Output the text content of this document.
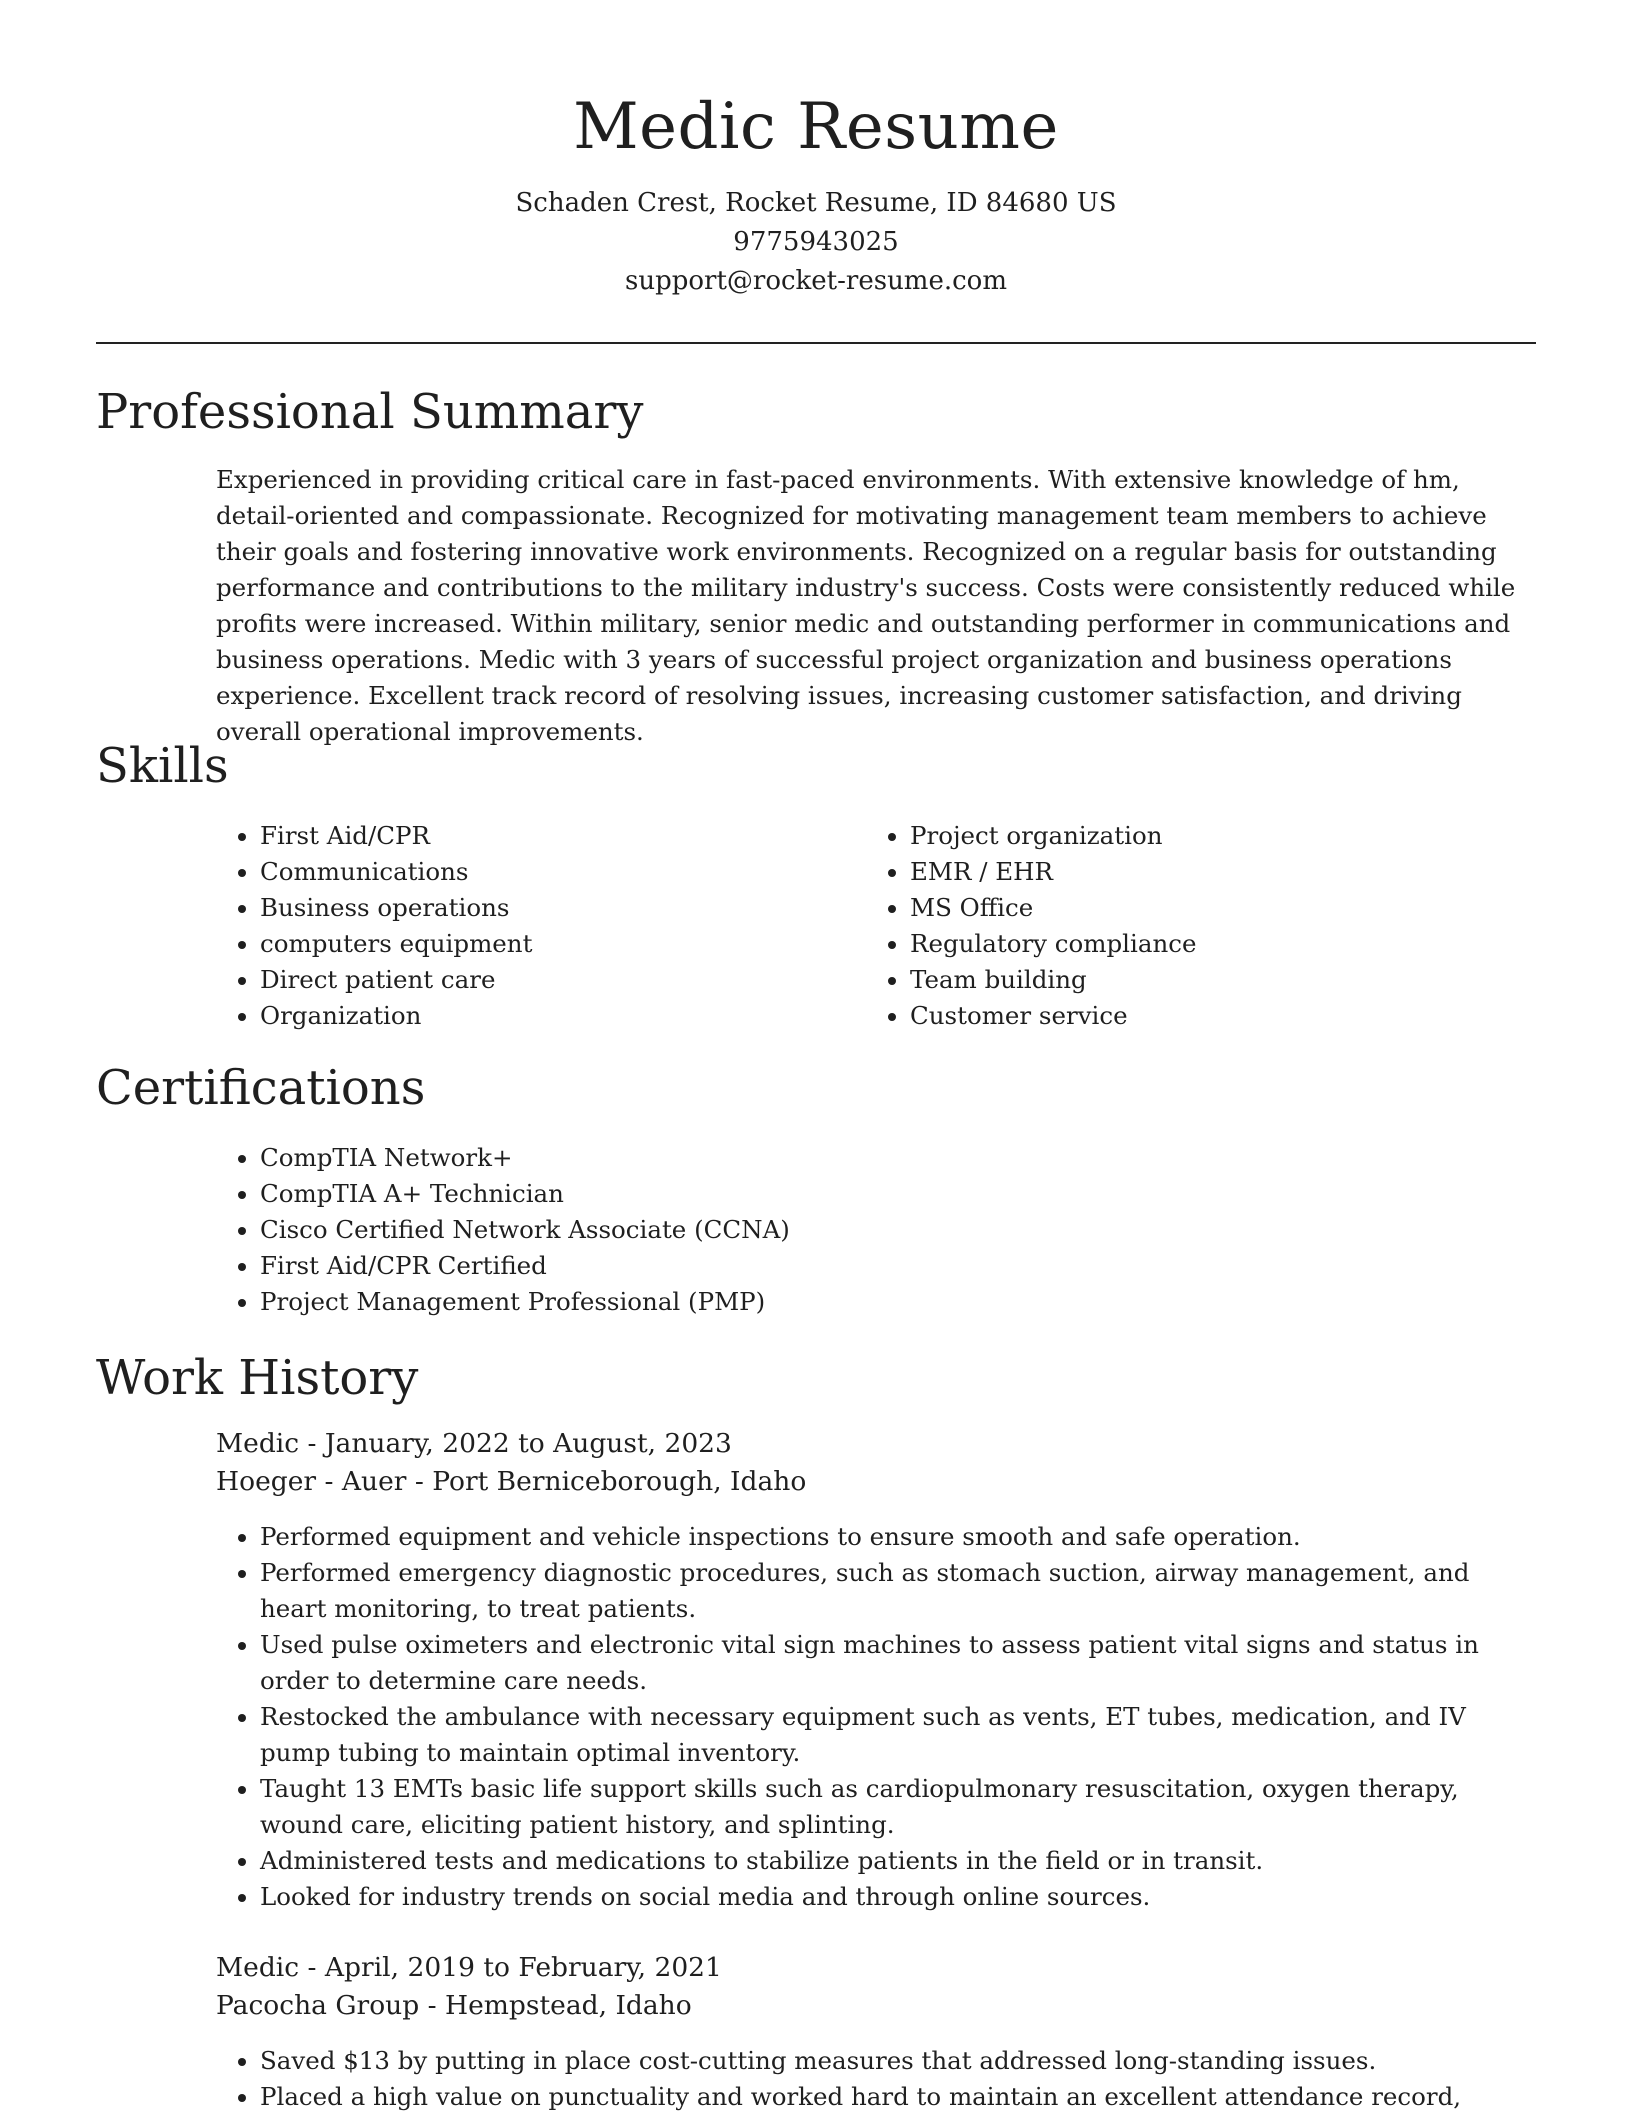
Medic Resume
Schaden Crest, Rocket Resume, ID 84680 US
9775943025
support@rocket-resume.com
Professional Summary

Experienced in providing critical care in fast-paced environments. With extensive knowledge of hm, detail-oriented and compassionate. Recognized for motivating management team members to achieve their goals and fostering innovative work environments. Recognized on a regular basis for outstanding performance and contributions to the military industry's success. Costs were consistently reduced while profits were increased. Within military, senior medic and outstanding performer in communications and business operations. Medic with 3 years of successful project organization and business operations experience. Excellent track record of resolving issues, increasing customer satisfaction, and driving overall operational improvements.

Skills
• First Aid/CPR
• Communications
• Business operations
• computers equipment
• Direct patient care
• Organization
• Project organization
• EMR / EHR
• MS Office
• Regulatory compliance
• Team building
• Customer service
Certifications
• CompTIA Network+
• CompTIA A+ Technician
• Cisco Certified Network Associate (CCNA)
• First Aid/CPR Certified
• Project Management Professional (PMP)
Work History
Medic - January, 2022 to August, 2023
Hoeger - Auer - Port Berniceborough, Idaho
• Performed equipment and vehicle inspections to ensure smooth and safe operation.
• Performed emergency diagnostic procedures, such as stomach suction, airway management, and heart monitoring, to treat patients.
• Used pulse oximeters and electronic vital sign machines to assess patient vital signs and status in order to determine care needs.
• Restocked the ambulance with necessary equipment such as vents, ET tubes, medication, and IV pump tubing to maintain optimal inventory.
• Taught 13 EMTs basic life support skills such as cardiopulmonary resuscitation, oxygen therapy, wound care, eliciting patient history, and splinting.
• Administered tests and medications to stabilize patients in the field or in transit.
• Looked for industry trends on social media and through online sources.
Medic - April, 2019 to February, 2021
Pacocha Group - Hempstead, Idaho
• Saved $13 by putting in place cost-cutting measures that addressed long-standing issues.
• Placed a high value on punctuality and worked hard to maintain an excellent attendance record,
